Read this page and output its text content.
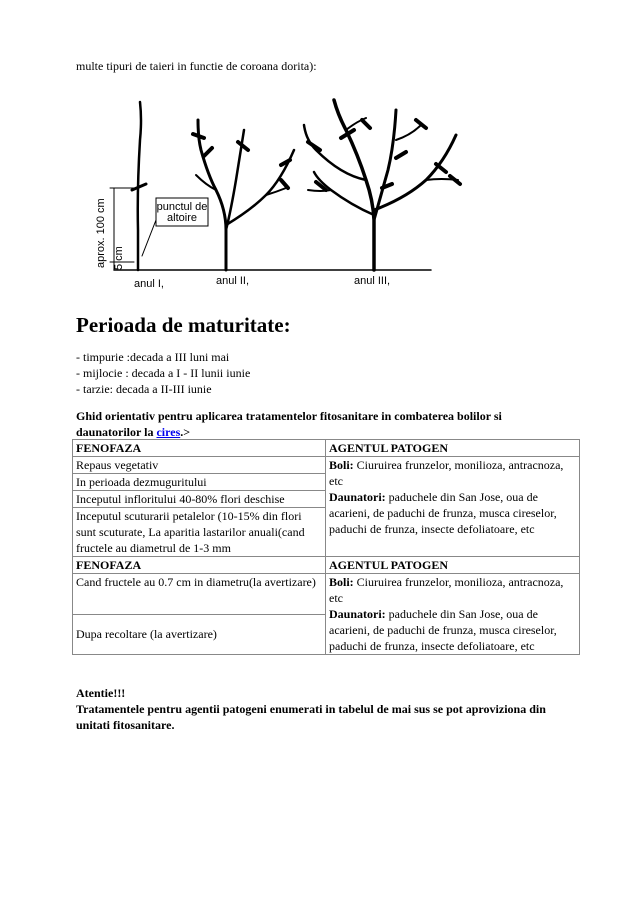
multe tipuri de taieri in functie de coroana dorita):
aprox. 100 cm 5 cm
punctul de
altoire
anul I,	anul II,	anul III,
Perioada de maturitate:
- timpurie :decada a III luni mai
- mijlocie : decada a I - II lunii iunie
- tarzie: decada a II-III iunie
Ghid orientativ pentru aplicarea tratamentelor fitosanitare in combaterea bolilor si daunatorilor la cires.>
FENOFAZA	AGENTUL PATOGEN
Repaus vegetativ	Boli: Ciuruirea frunzelor, monilioza, antracnoza, etc
Daunatori: paduchele din San Jose, oua de acarieni, de paduchi de frunza, musca cireselor, paduchi de frunza, insecte defoliatoare, etc
In perioada dezmuguritului	
Inceputul infloritului 40-80% flori deschise	
Inceputul scuturarii petalelor (10-15% din flori sunt scuturate, La aparitia lastarilor anuali(cand fructele au diametrul de 1-3 mm	
FENOFAZA	AGENTUL PATOGEN
Cand fructele au 0.7 cm in diametru(la avertizare)	Boli: Ciuruirea frunzelor, monilioza, antracnoza, etc
Daunatori: paduchele din San Jose, oua de acarieni, de paduchi de frunza, musca cireselor, paduchi de frunza, insecte defoliatoare, etc
Dupa recoltare (la avertizare)	
Atentie!!!
Tratamentele pentru agentii patogeni enumerati in tabelul de mai sus se pot aproviziona din unitati fitosanitare.
